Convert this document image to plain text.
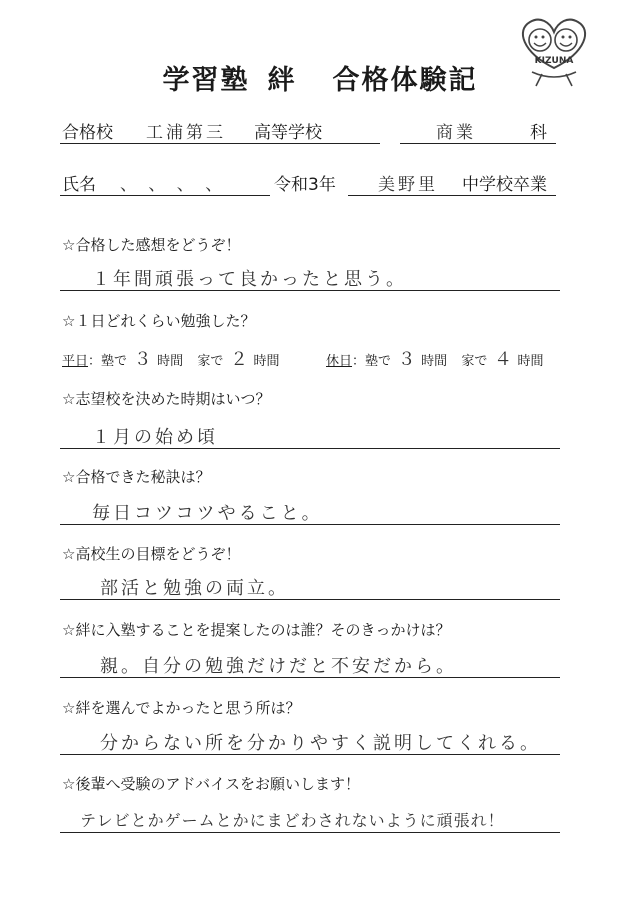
学習塾 絆 合格体験記
KIZUNA
合格校 工浦第三 高等学校	商業	科
氏名 、 、 、 、	令和3年 美野里 中学校卒業
☆合格した感想をどうぞ！
１年間頑張って良かったと思う。
☆１日どれくらい勉強した？
平日：塾で ３ 時間 家で ２ 時間	休日：塾で ３ 時間 家で ４ 時間
☆志望校を決めた時期はいつ？
１月の始め頃
☆合格できた秘訣は？
毎日コツコツやること。
☆高校生の目標をどうぞ！
部活と勉強の両立。
☆絆に入塾することを提案したのは誰？そのきっかけは？
親。自分の勉強だけだと不安だから。
☆絆を選んでよかったと思う所は？
分からない所を分かりやすく説明してくれる。
☆後輩へ受験のアドバイスをお願いします！
テレビとかゲームとかにまどわされないように頑張れ！
